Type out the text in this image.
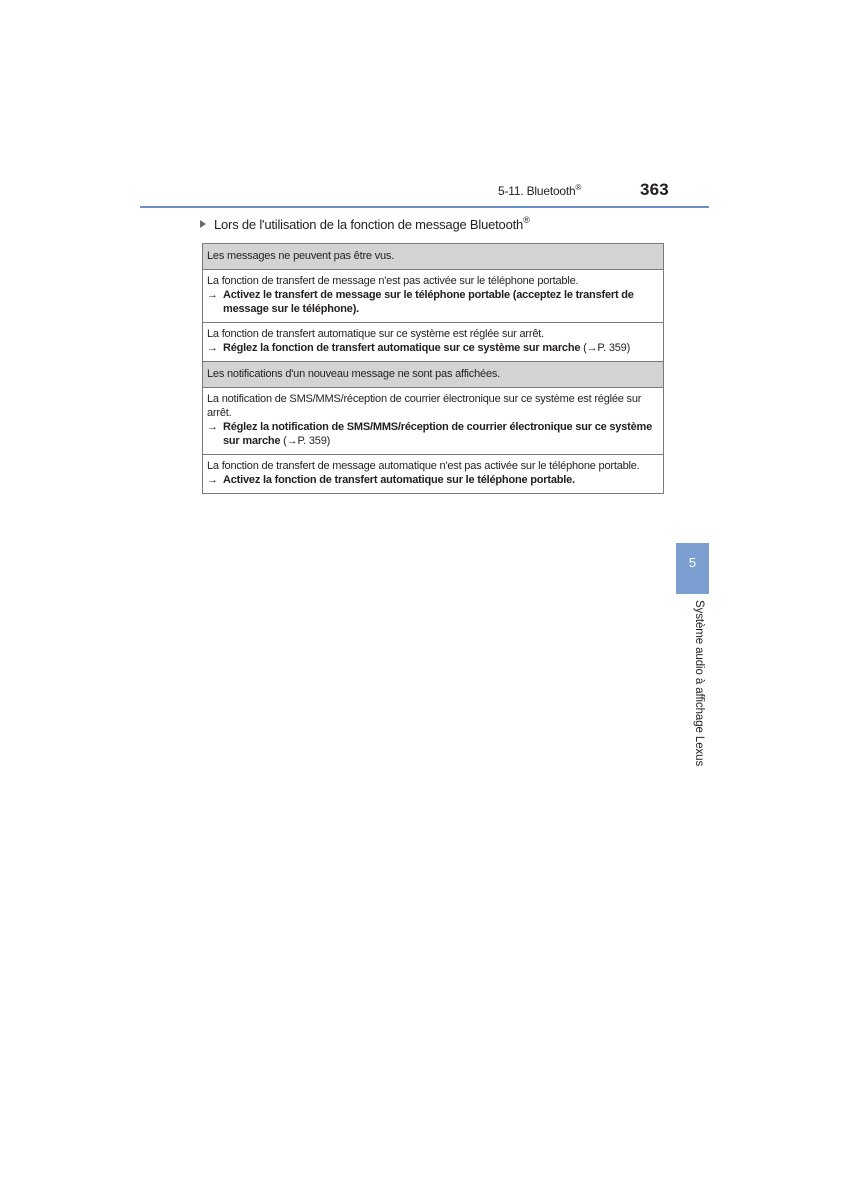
5-11. Bluetooth®	363
Lors de l'utilisation de la fonction de message Bluetooth®
Les messages ne peuvent pas être vus.

La fonction de transfert de message n'est pas activée sur le téléphone portable.
→ Activez le transfert de message sur le téléphone portable (acceptez le transfert de message sur le téléphone).

La fonction de transfert automatique sur ce système est réglée sur arrêt.
→ Réglez la fonction de transfert automatique sur ce système sur marche (→P. 359)

Les notifications d'un nouveau message ne sont pas affichées.

La notification de SMS/MMS/réception de courrier électronique sur ce système est réglée sur arrêt.
→ Réglez la notification de SMS/MMS/réception de courrier électronique sur ce système sur marche (→P. 359)

La fonction de transfert de message automatique n'est pas activée sur le téléphone portable.
→ Activez la fonction de transfert automatique sur le téléphone portable.
5
Système audio à affichage Lexus
